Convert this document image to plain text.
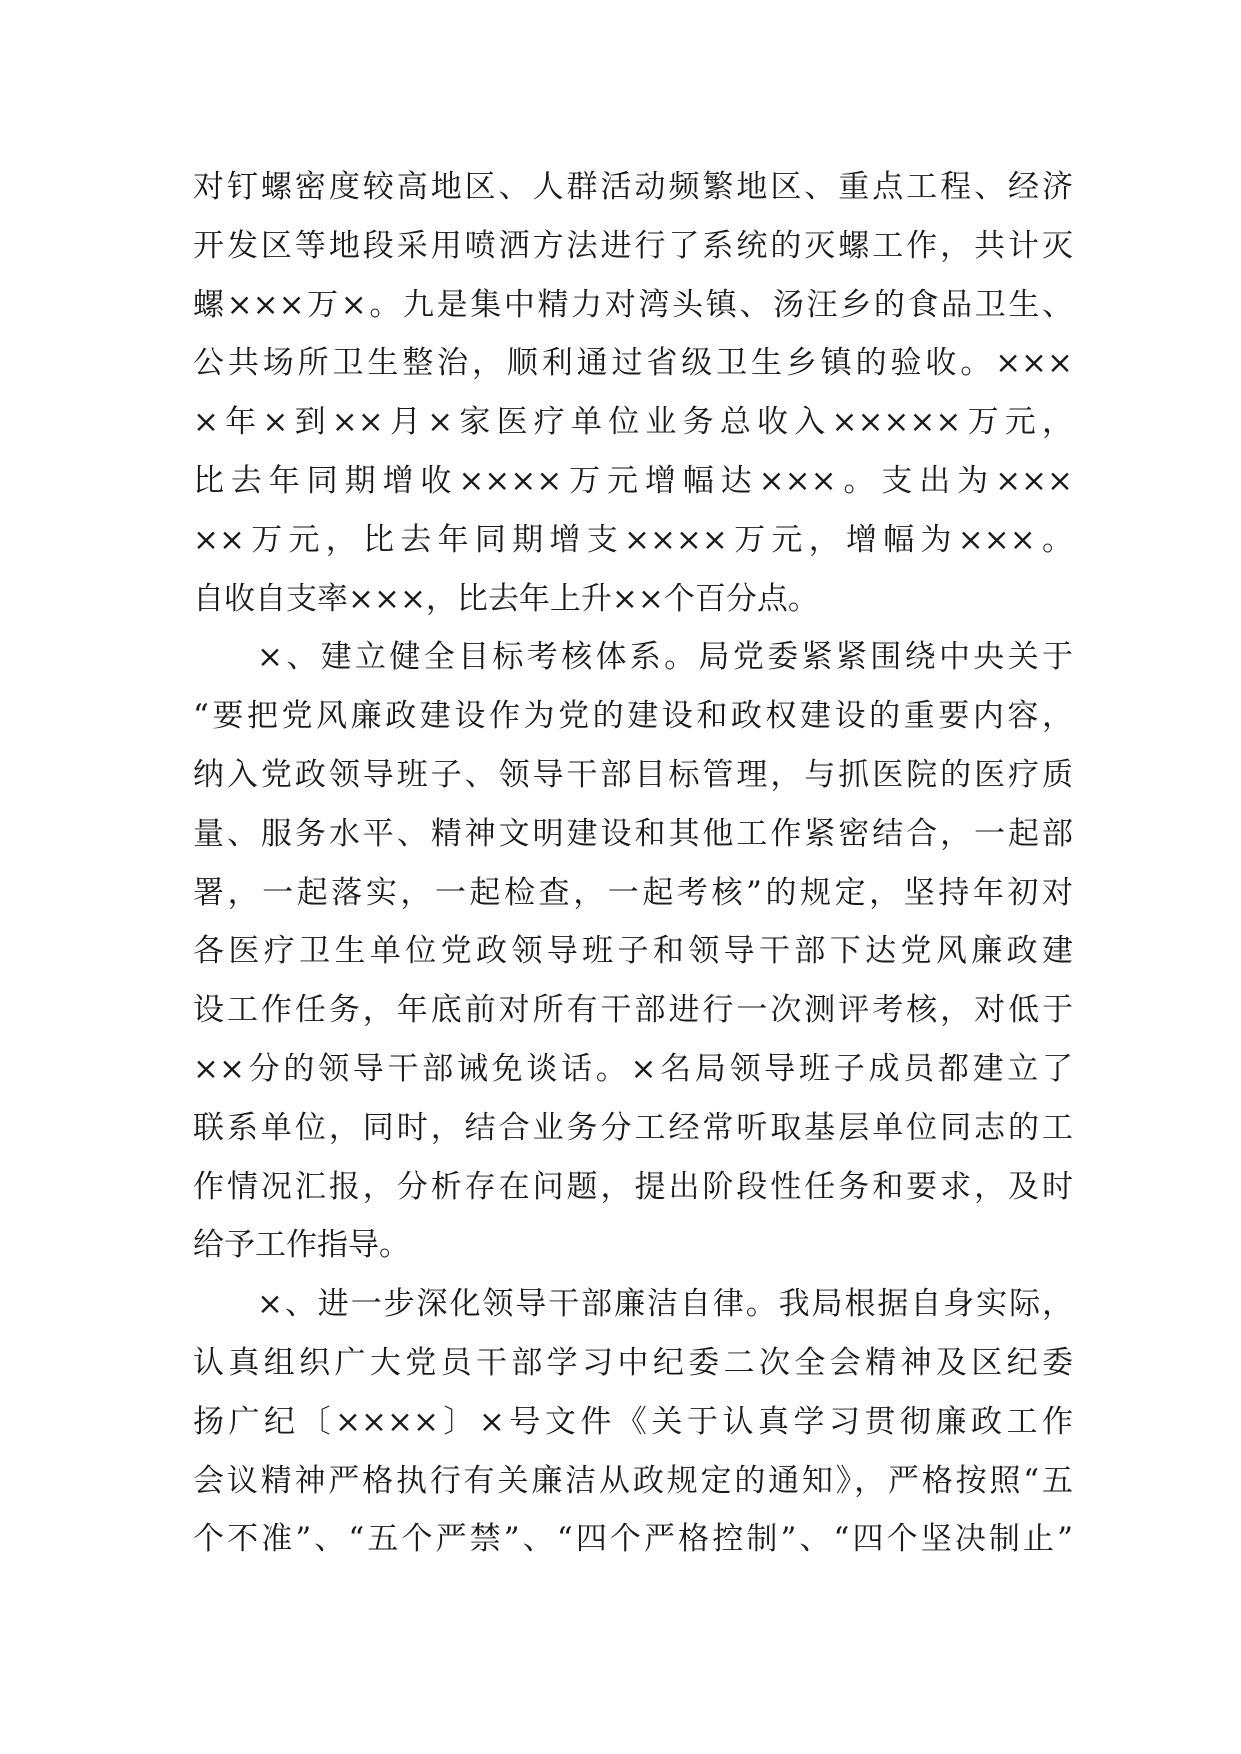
对钉螺密度较高地区、人群活动频繁地区、重点工程、经济
开发区等地段采用喷洒方法进行了系统的灭螺工作，共计灭
螺×××万×。九是集中精力对湾头镇、汤汪乡的食品卫生、
公共场所卫生整治，顺利通过省级卫生乡镇的验收。×××
×年×到××月×家医疗单位业务总收入×××××万元，
比去年同期增收××××万元增幅达×××。支出为×××
××万元，比去年同期增支××××万元，增幅为×××。
自收自支率×××，比去年上升××个百分点。
×、建立健全目标考核体系。局党委紧紧围绕中央关于
“要把党风廉政建设作为党的建设和政权建设的重要内容，
纳入党政领导班子、领导干部目标管理，与抓医院的医疗质
量、服务水平、精神文明建设和其他工作紧密结合，一起部
署，一起落实，一起检查，一起考核”的规定，坚持年初对
各医疗卫生单位党政领导班子和领导干部下达党风廉政建
设工作任务，年底前对所有干部进行一次测评考核，对低于
××分的领导干部诫免谈话。×名局领导班子成员都建立了
联系单位，同时，结合业务分工经常听取基层单位同志的工
作情况汇报，分析存在问题，提出阶段性任务和要求，及时
给予工作指导。
×、进一步深化领导干部廉洁自律。我局根据自身实际，
认真组织广大党员干部学习中纪委二次全会精神及区纪委
扬广纪〔××××〕×号文件《关于认真学习贯彻廉政工作
会议精神严格执行有关廉洁从政规定的通知》，严格按照“五
个不准”、“五个严禁”、“四个严格控制”、“四个坚决制止”
